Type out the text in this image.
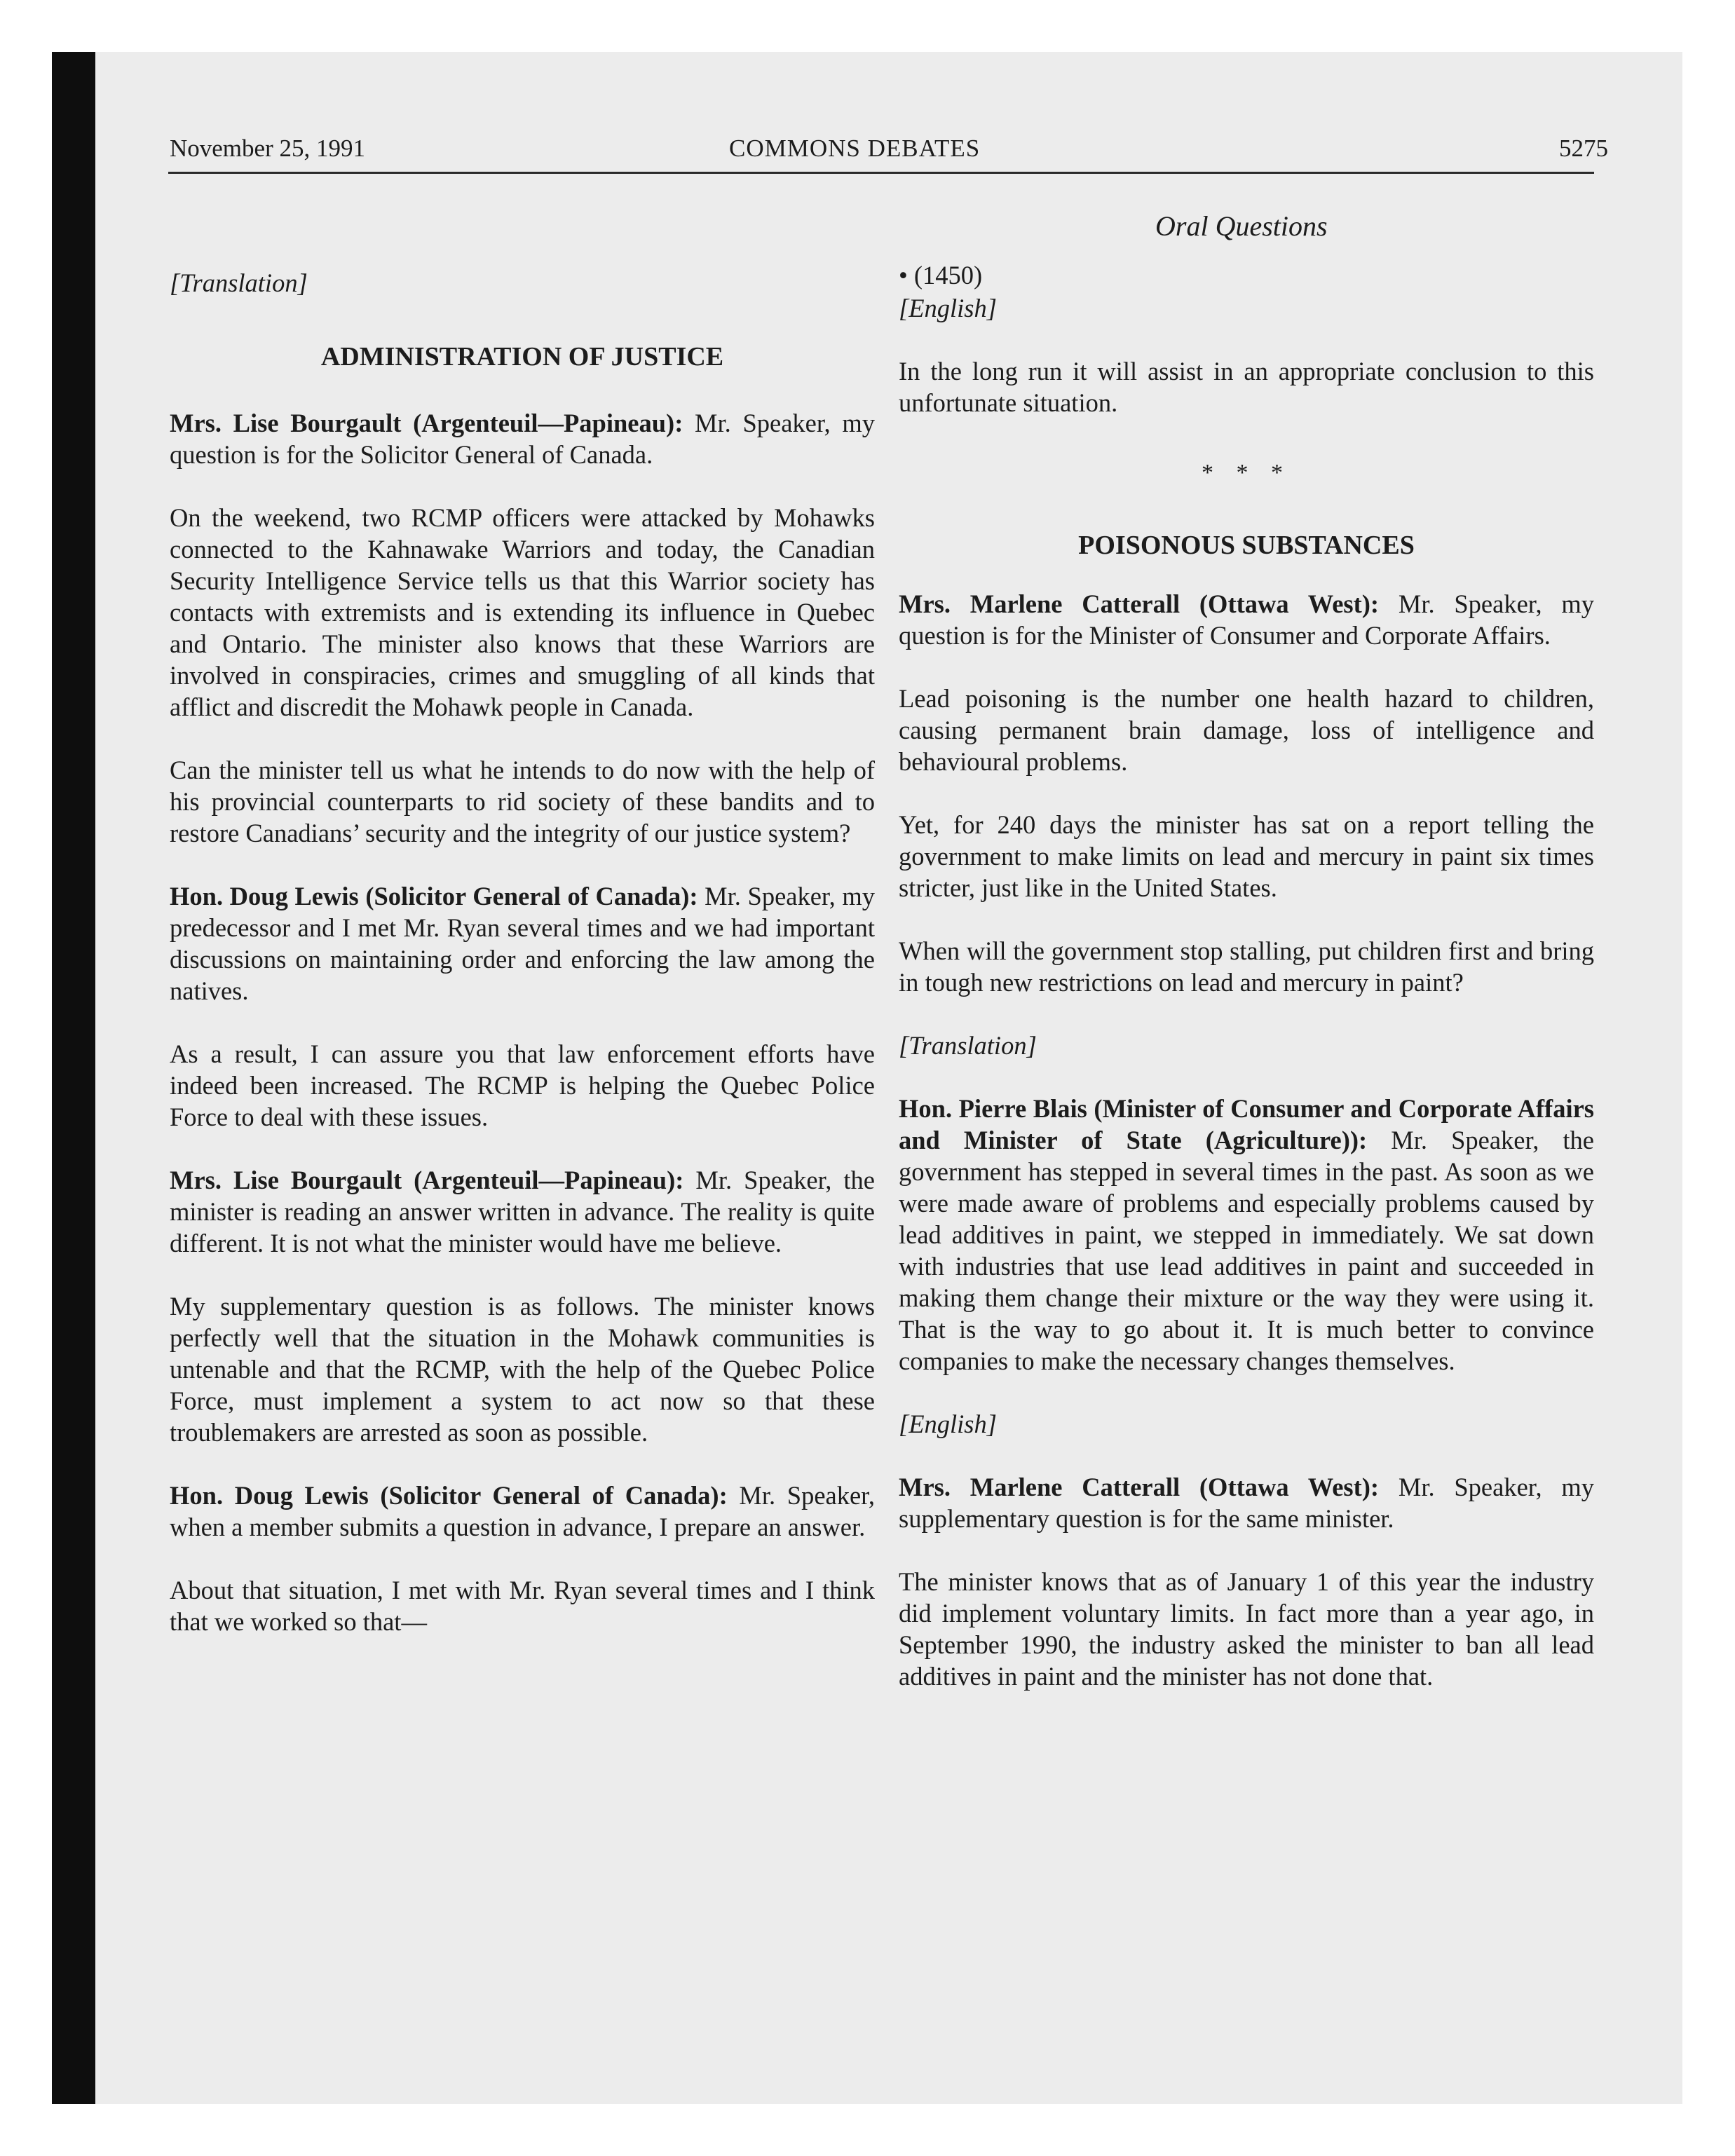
November 25, 1991	COMMONS DEBATES	5275
Oral Questions

[Translation]

ADMINISTRATION OF JUSTICE

Mrs. Lise Bourgault (Argenteuil—Papineau): Mr. Speaker, my question is for the Solicitor General of Canada.

On the weekend, two RCMP officers were attacked by Mohawks connected to the Kahnawake Warriors and today, the Canadian Security Intelligence Service tells us that this Warrior society has contacts with extremists and is extending its influence in Quebec and Ontario. The minister also knows that these Warriors are involved in conspiracies, crimes and smuggling of all kinds that afflict and discredit the Mohawk people in Canada.

Can the minister tell us what he intends to do now with the help of his provincial counterparts to rid society of these bandits and to restore Canadians’ security and the integrity of our justice system?

Hon. Doug Lewis (Solicitor General of Canada): Mr. Speaker, my predecessor and I met Mr. Ryan several times and we had important discussions on maintaining order and enforcing the law among the natives.

As a result, I can assure you that law enforcement efforts have indeed been increased. The RCMP is helping the Quebec Police Force to deal with these issues.

Mrs. Lise Bourgault (Argenteuil—Papineau): Mr. Speaker, the minister is reading an answer written in advance. The reality is quite different. It is not what the minister would have me believe.

My supplementary question is as follows. The minister knows perfectly well that the situation in the Mohawk communities is untenable and that the RCMP, with the help of the Quebec Police Force, must implement a system to act now so that these troublemakers are arrested as soon as possible.

Hon. Doug Lewis (Solicitor General of Canada): Mr. Speaker, when a member submits a question in advance, I prepare an answer.

About that situation, I met with Mr. Ryan several times and I think that we worked so that—

• (1450)

[English]

In the long run it will assist in an appropriate conclusion to this unfortunate situation.

* * *

POISONOUS SUBSTANCES

Mrs. Marlene Catterall (Ottawa West): Mr. Speaker, my question is for the Minister of Consumer and Corporate Affairs.

Lead poisoning is the number one health hazard to children, causing permanent brain damage, loss of intelligence and behavioural problems.

Yet, for 240 days the minister has sat on a report telling the government to make limits on lead and mercury in paint six times stricter, just like in the United States.

When will the government stop stalling, put children first and bring in tough new restrictions on lead and mercury in paint?

[Translation]

Hon. Pierre Blais (Minister of Consumer and Corporate Affairs and Minister of State (Agriculture)): Mr. Speaker, the government has stepped in several times in the past. As soon as we were made aware of problems and especially problems caused by lead additives in paint, we stepped in immediately. We sat down with industries that use lead additives in paint and succeeded in making them change their mixture or the way they were using it. That is the way to go about it. It is much better to convince companies to make the necessary changes themselves.

[English]

Mrs. Marlene Catterall (Ottawa West): Mr. Speaker, my supplementary question is for the same minister.

The minister knows that as of January 1 of this year the industry did implement voluntary limits. In fact more than a year ago, in September 1990, the industry asked the minister to ban all lead additives in paint and the minister has not done that.
